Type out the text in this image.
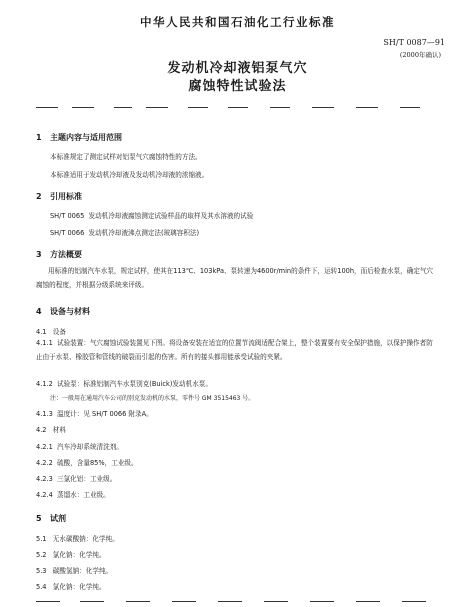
中华人民共和国石油化工行业标准
SH/T 0087—91
(2000年确认)
发动机冷却液铝泵气穴
腐蚀特性试验法
1 主题内容与适用范围
本标准规定了测定试样对铝泵气穴腐蚀特性的方法。
本标准适用于发动机冷却液及发动机冷却液的浓缩液。
2 引用标准
SH/T 0065 发动机冷却液腐蚀测定试验样品的取样及其水溶液的试验
SH/T 0066 发动机冷却液沸点测定法(玻璃容积法)
3 方法概要
用标准的铝制汽车水泵，规定试样，使其在113℃、103kPa、泵转速为4600r/min的条件下，运转100h，而后检查水泵，确定气穴腐蚀的程度，并根据分级系统来评级。
4 设备与材料
4.1 设备
4.1.1 试验装置：气穴腐蚀试验装置见下图。将设备安装在适宜的位置节流阀适配合架上，整个装置要有安全保护措施，以保护操作者防止由于水泵、橡胶管和管线的破裂而引起的伤害。所有的接头都用能承受试验的夹紧。
4.1.2 试验泵：标准铝制汽车水泵别克(Buick)发动机水泵。
注：一般用在通用汽车公司的别克发动机的水泵，零件号 GM 3515463 号。
4.1.3 温度计：见 SH/T 0066 附录A。
4.2 材料
4.2.1 汽车冷却系统清洗剂。
4.2.2 硫酸，含量85%，工业级。
4.2.3 三氯化铝：工业级。
4.2.4 蒸馏水：工业级。
5 试剂
5.1 无水碳酸钠：化学纯。
5.2 氯化钠：化学纯。
5.3 碳酸氢钠：化学纯。
5.4 氯化钠：化学纯。
